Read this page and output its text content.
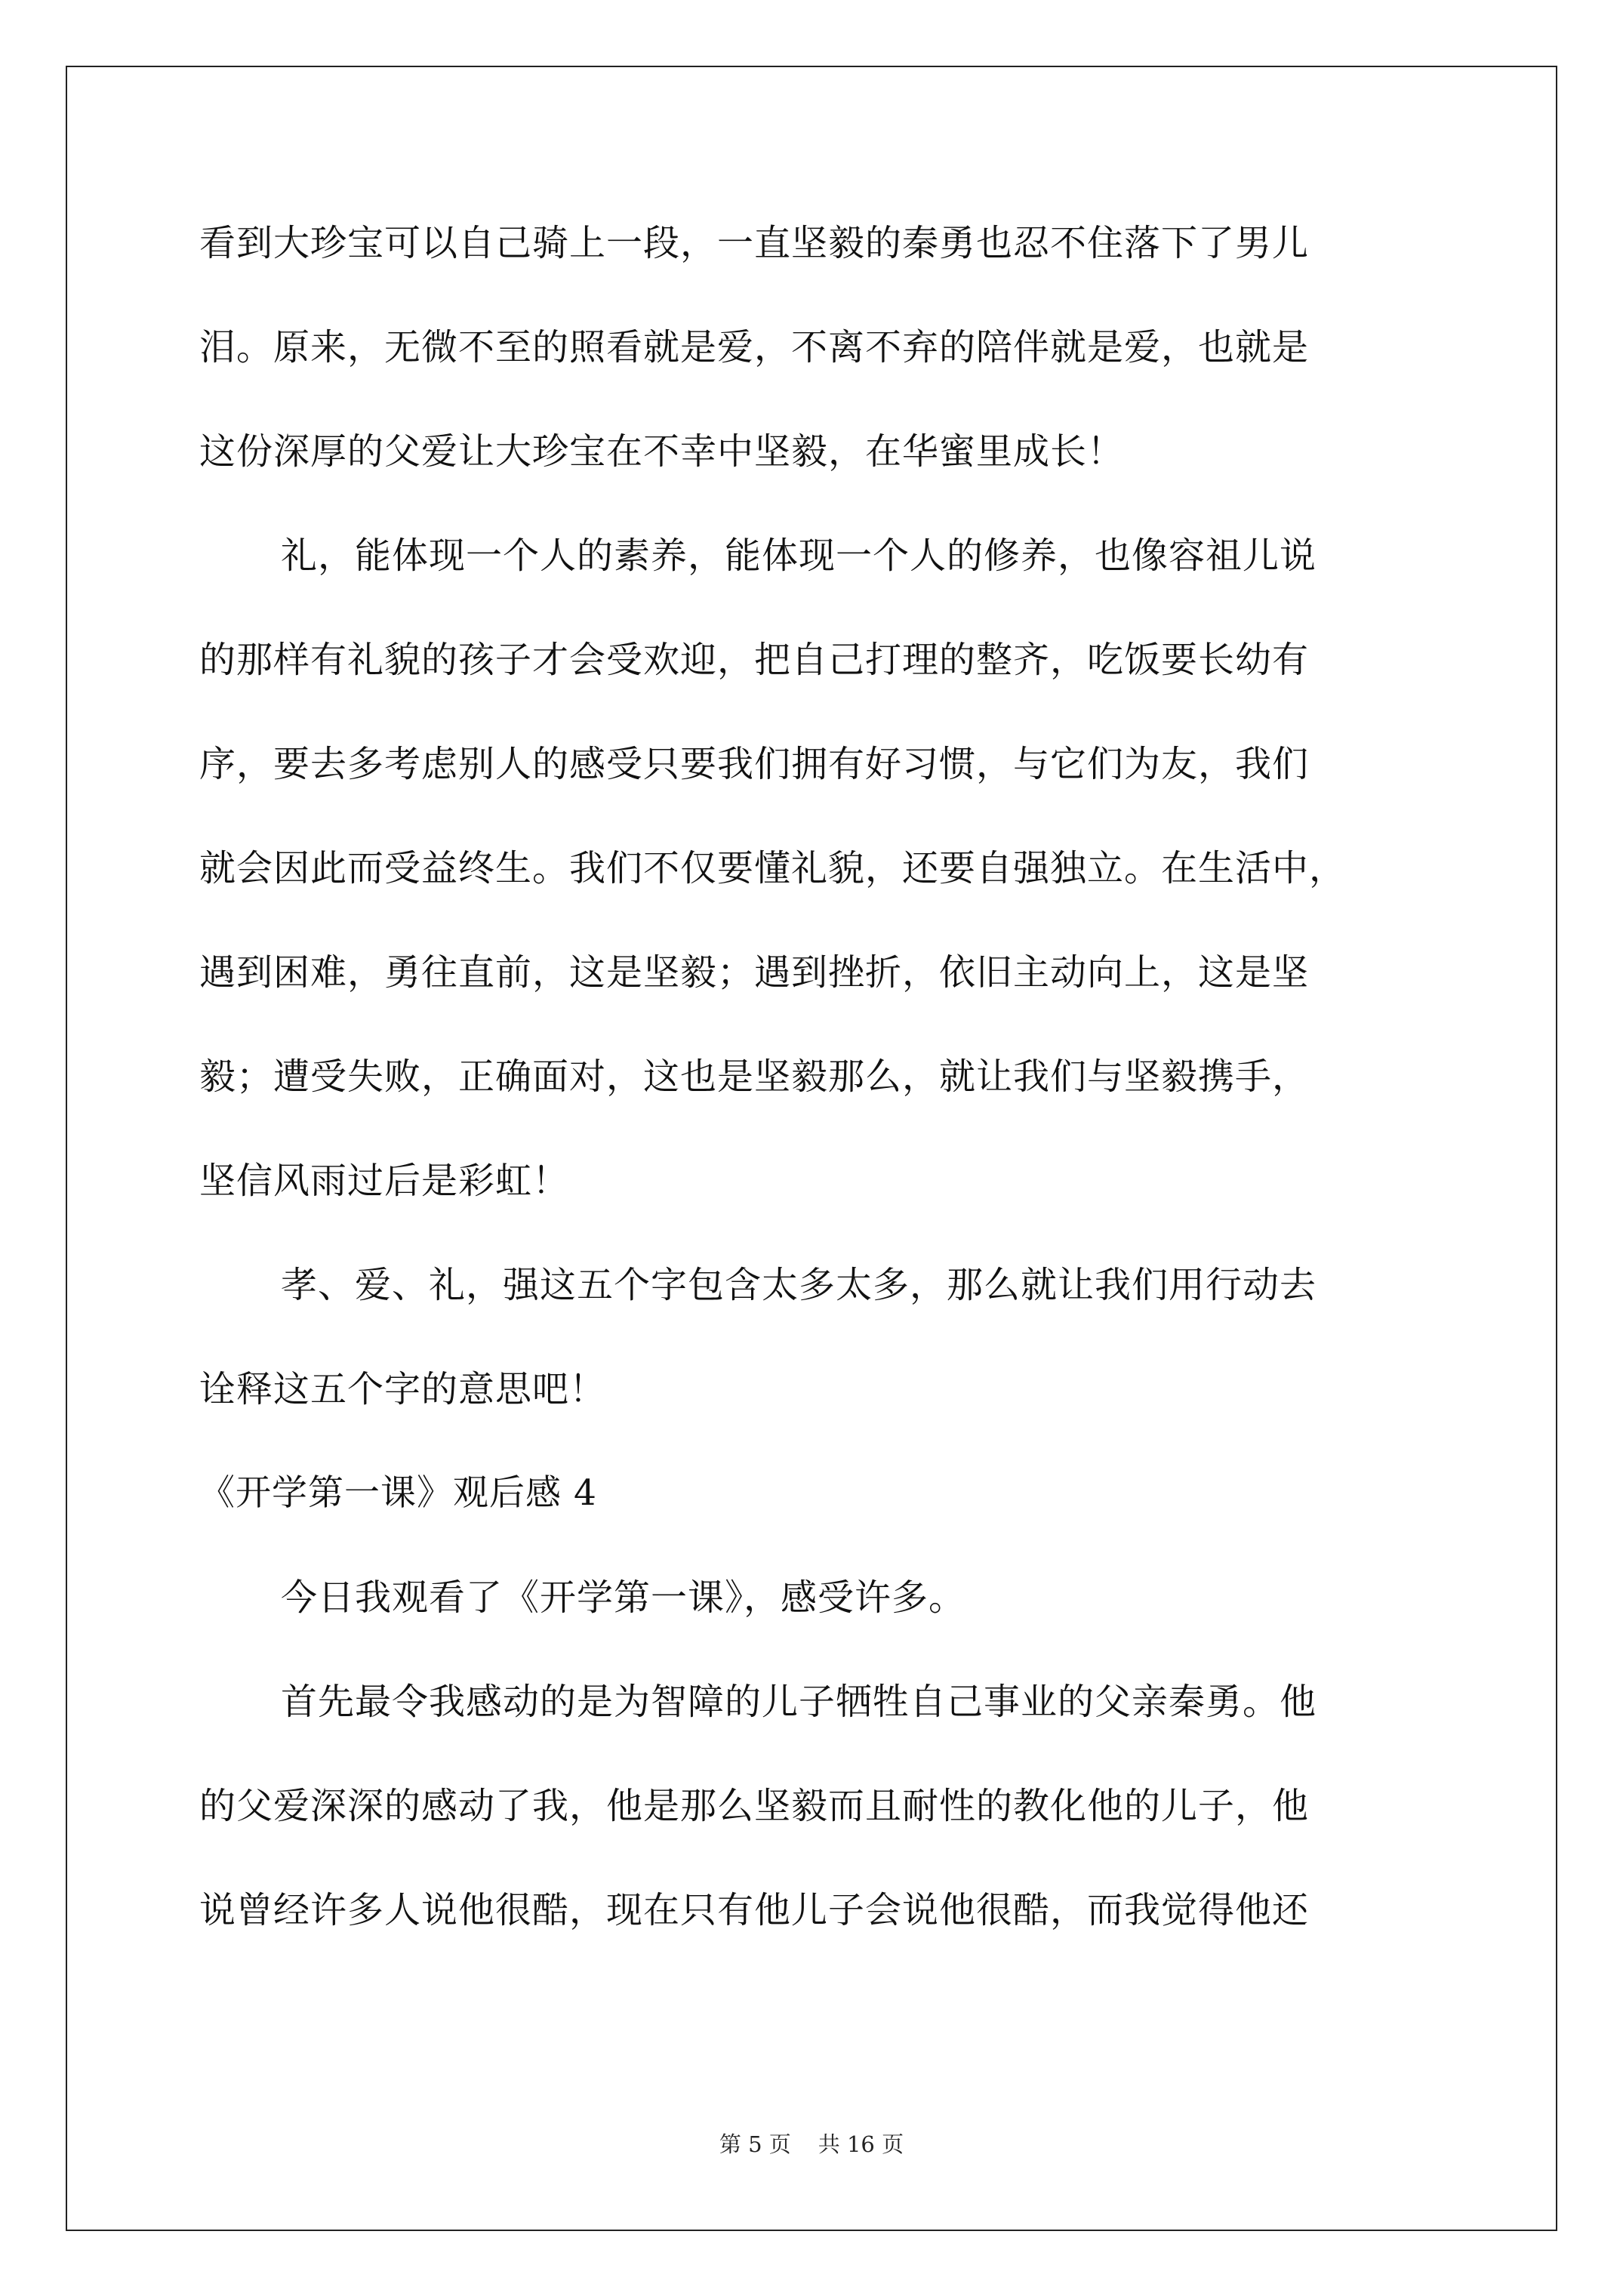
看到大珍宝可以自己骑上一段，一直坚毅的秦勇也忍不住落下了男儿
泪。原来，无微不至的照看就是爱，不离不弃的陪伴就是爱，也就是
这份深厚的父爱让大珍宝在不幸中坚毅，在华蜜里成长！
礼，能体现一个人的素养，能体现一个人的修养，也像容祖儿说
的那样有礼貌的孩子才会受欢迎，把自己打理的整齐，吃饭要长幼有
序，要去多考虑别人的感受只要我们拥有好习惯，与它们为友，我们
就会因此而受益终生。我们不仅要懂礼貌，还要自强独立。在生活中，
遇到困难，勇往直前，这是坚毅；遇到挫折，依旧主动向上，这是坚
毅；遭受失败，正确面对，这也是坚毅那么，就让我们与坚毅携手，
坚信风雨过后是彩虹！
孝、爱、礼，强这五个字包含太多太多，那么就让我们用行动去
诠释这五个字的意思吧！
《开学第一课》观后感 4
今日我观看了《开学第一课》，感受许多。
首先最令我感动的是为智障的儿子牺牲自己事业的父亲秦勇。他
的父爱深深的感动了我，他是那么坚毅而且耐性的教化他的儿子，他
说曾经许多人说他很酷，现在只有他儿子会说他很酷，而我觉得他还
第 5 页 共 16 页
